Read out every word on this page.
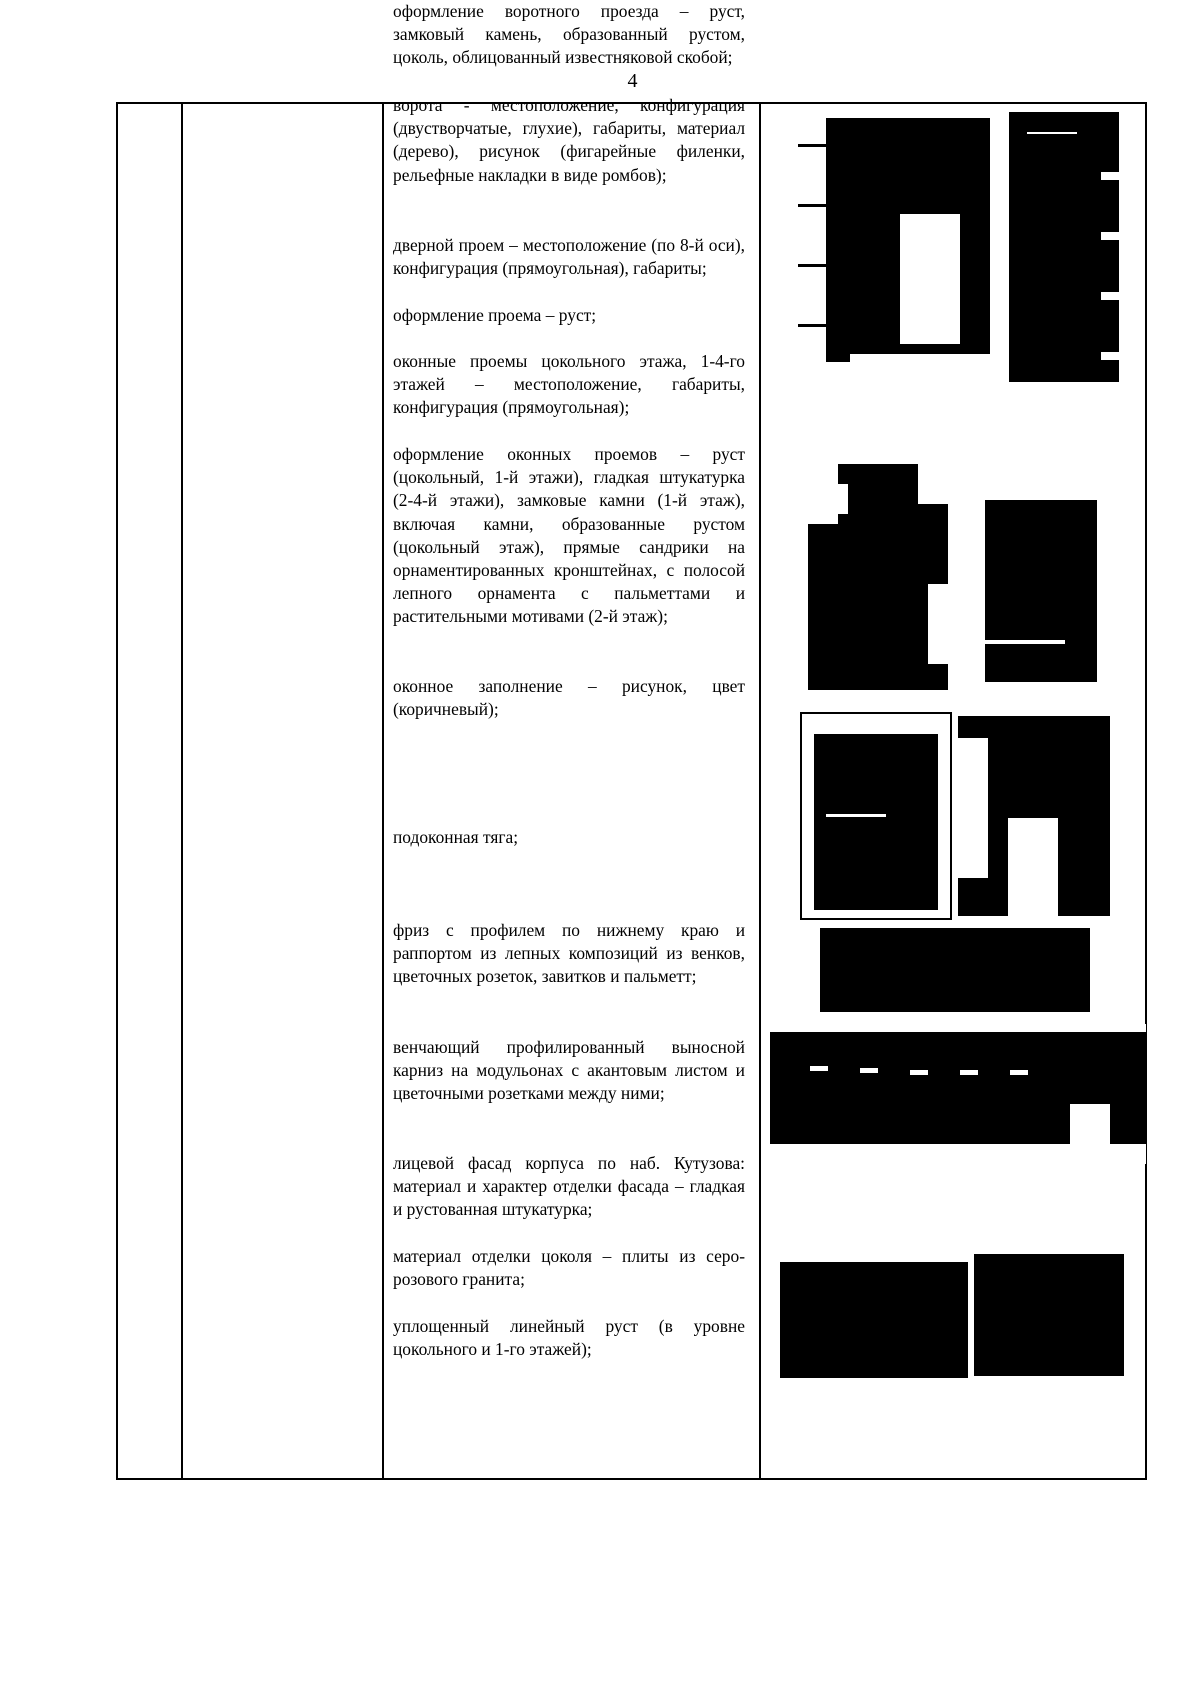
4

оформление воротного проезда – руст, замковый камень, образованный рустом, цоколь, облицованный известняковой скобой;

ворота - местоположение, конфигурация (двустворчатые, глухие), габариты, материал (дерево), рисунок (фигарейные филенки, рельефные накладки в виде ромбов);

дверной проем – местоположение (по 8-й оси), конфигурация (прямоугольная), габариты;

оформление проема – руст;

оконные проемы цокольного этажа, 1-4-го этажей – местоположение, габариты, конфигурация (прямоугольная);

оформление оконных проемов – руст (цокольный, 1-й этажи), гладкая штукатурка (2-4-й этажи), замковые камни (1-й этаж), включая камни, образованные рустом (цокольный этаж), прямые сандрики на орнаментированных кронштейнах, с полосой лепного орнамента с пальметтами и растительными мотивами (2-й этаж);

оконное заполнение – рисунок, цвет (коричневый);

подоконная тяга;

фриз с профилем по нижнему краю и раппортом из лепных композиций из венков, цветочных розеток, завитков и пальметт;

венчающий профилированный выносной карниз на модульонах с акантовым листом и цветочными розетками между ними;

лицевой фасад корпуса по наб. Кутузова: материал и характер отделки фасада – гладкая и рустованная штукатурка;

материал отделки цоколя – плиты из серо-розового гранита;

уплощенный линейный руст (в уровне цокольного и 1-го этажей);
